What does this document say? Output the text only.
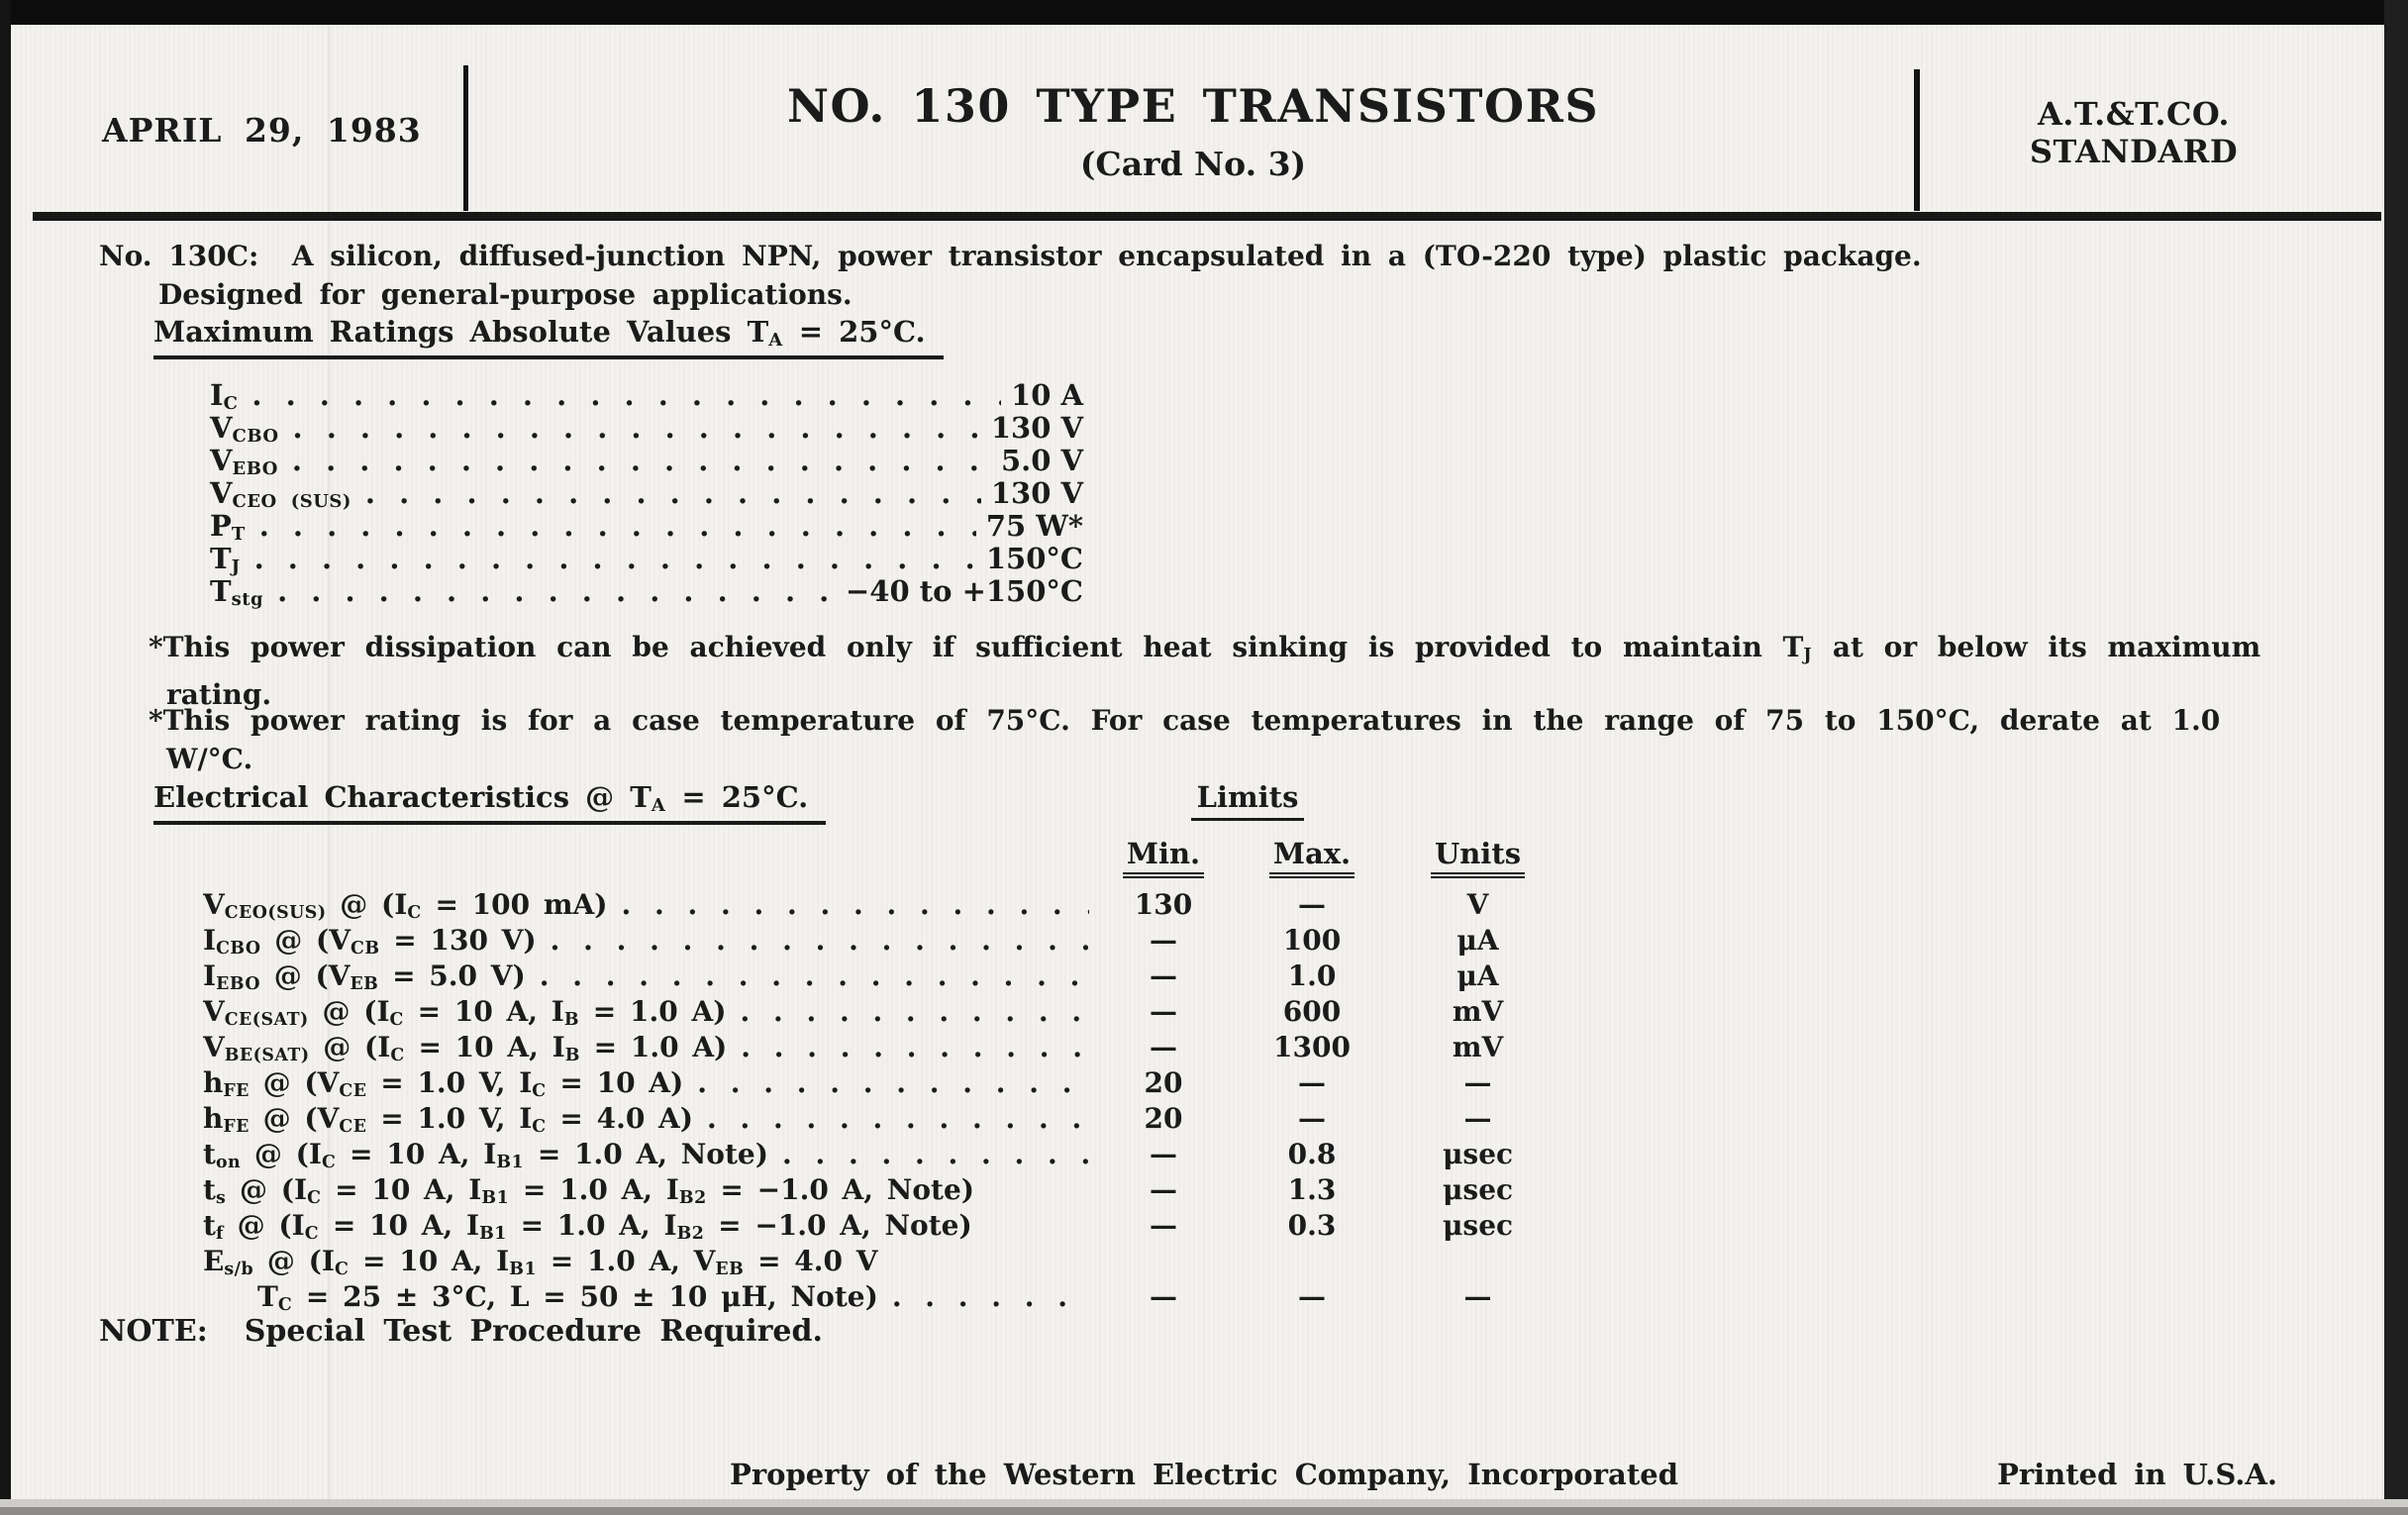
APRIL 29, 1983	NO. 130 TYPE TRANSISTORS
(Card No. 3)
A.T.&T.CO.
STANDARD
No. 130C:  A silicon, diffused-junction NPN, power transistor encapsulated in a (TO-220 type) plastic package.
Designed for general-purpose applications.
Maximum Ratings Absolute Values TA = 25°C.
IC . . .	10 A
VCBO . . .	130 V
VEBO . . .	5.0 V
VCEO (SUS) . . .	130 V
PT . . .	75 W*
TJ . . .	150°C
Tstg . . .	−40 to +150°C
*This power dissipation can be achieved only if sufficient heat sinking is provided to maintain TJ at or below its maximum
rating.
*This power rating is for a case temperature of 75°C. For case temperatures in the range of 75 to 150°C, derate at 1.0
W/°C.
Electrical Characteristics @ TA = 25°C.	Limits
Min.	Max.	Units
VCEO(SUS) @ (IC = 100 mA) . . .	130	—	V
ICBO @ (VCB = 130 V) . . .	—	100	μA
IEBO @ (VEB = 5.0 V) . . .	—	1.0	μA
VCE(SAT) @ (IC = 10 A, IB = 1.0 A) . . .	—	600	mV
VBE(SAT) @ (IC = 10 A, IB = 1.0 A) . . .	—	1300	mV
hFE @ (VCE = 1.0 V, IC = 10 A) . . .	20	—	—
hFE @ (VCE = 1.0 V, IC = 4.0 A) . . .	20	—	—
ton @ (IC = 10 A, IB1 = 1.0 A, Note) . . .	—	0.8	μsec
ts @ (IC = 10 A, IB1 = 1.0 A, IB2 = −1.0 A, Note)	—	1.3	μsec
tf @ (IC = 10 A, IB1 = 1.0 A, IB2 = −1.0 A, Note)	—	0.3	μsec
Es/b @ (IC = 10 A, IB1 = 1.0 A, VEB = 4.0 V
TC = 25 ± 3°C, L = 50 ± 10 μH, Note) . . .	—	—	—
NOTE:  Special Test Procedure Required.
Property of the Western Electric Company, Incorporated	Printed in U.S.A.
